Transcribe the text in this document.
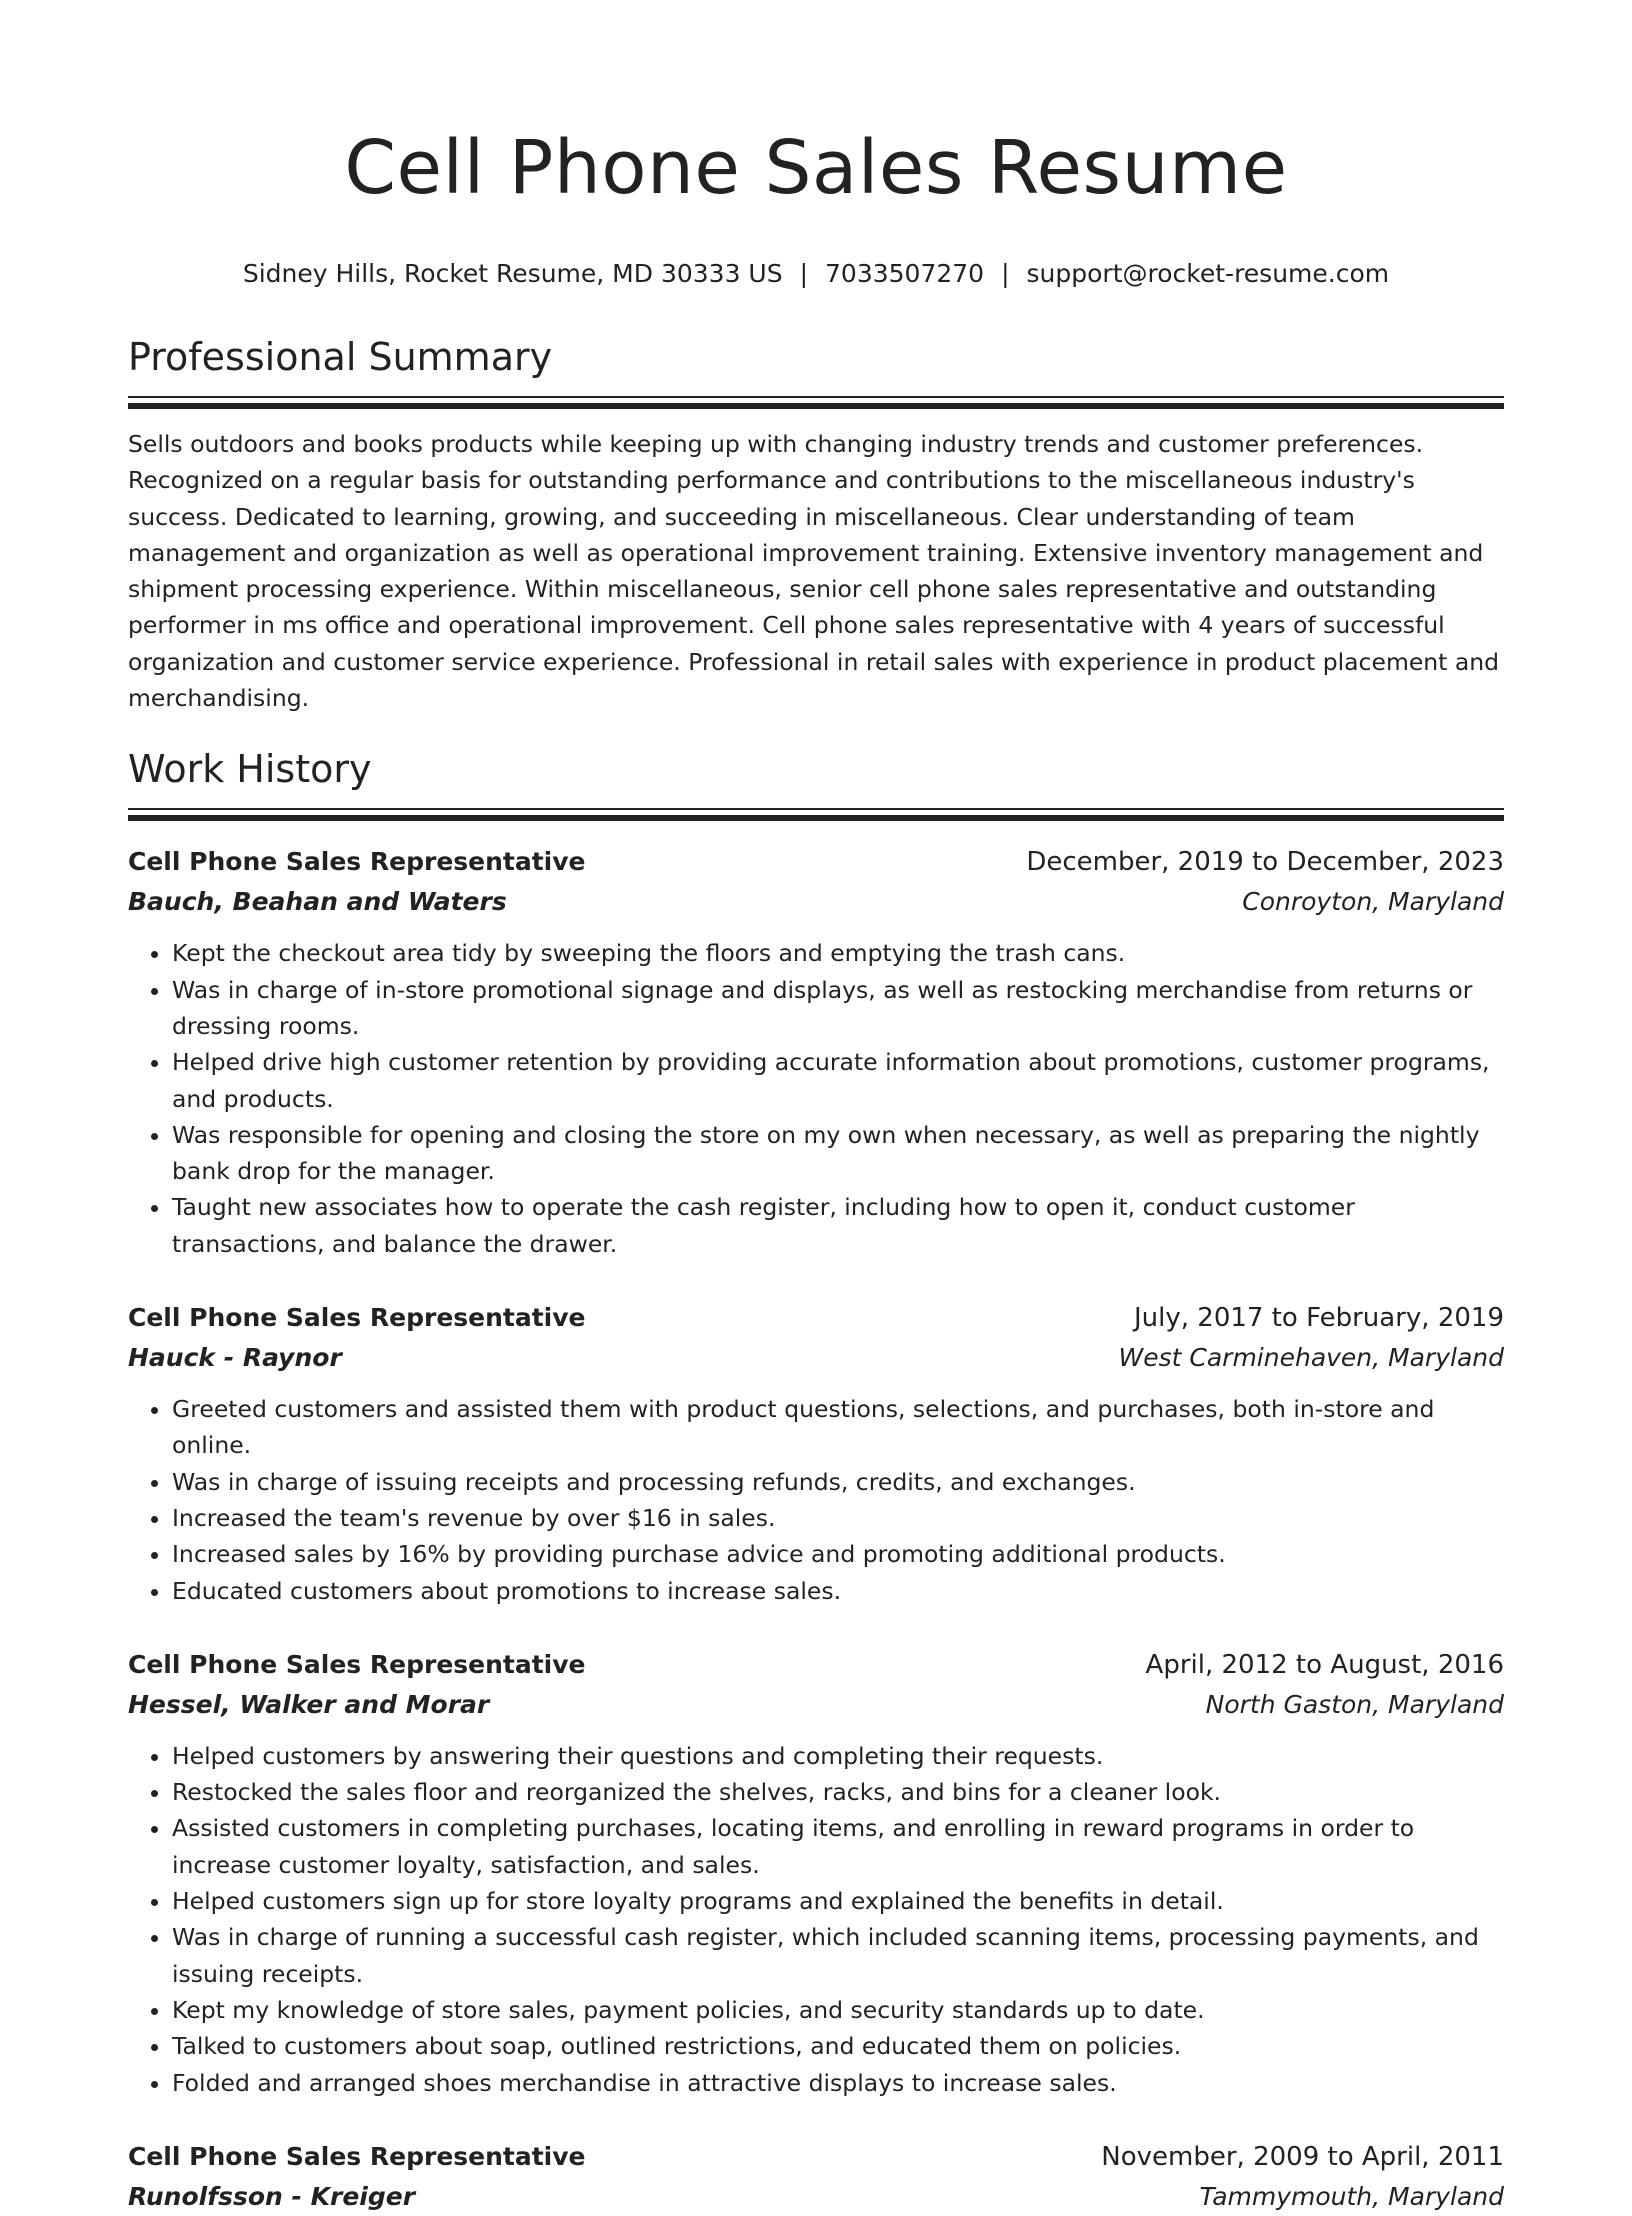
Cell Phone Sales Resume
Sidney Hills, Rocket Resume, MD 30333 US | 7033507270 | support@rocket-resume.com
Professional Summary
Sells outdoors and books products while keeping up with changing industry trends and customer preferences. Recognized on a regular basis for outstanding performance and contributions to the miscellaneous industry's success. Dedicated to learning, growing, and succeeding in miscellaneous. Clear understanding of team management and organization as well as operational improvement training. Extensive inventory management and shipment processing experience. Within miscellaneous, senior cell phone sales representative and outstanding performer in ms office and operational improvement. Cell phone sales representative with 4 years of successful organization and customer service experience. Professional in retail sales with experience in product placement and merchandising.
Work History
Cell Phone Sales Representative	December, 2019 to December, 2023
Bauch, Beahan and Waters	Conroyton, Maryland
• Kept the checkout area tidy by sweeping the floors and emptying the trash cans.
• Was in charge of in-store promotional signage and displays, as well as restocking merchandise from returns or dressing rooms.
• Helped drive high customer retention by providing accurate information about promotions, customer programs, and products.
• Was responsible for opening and closing the store on my own when necessary, as well as preparing the nightly bank drop for the manager.
• Taught new associates how to operate the cash register, including how to open it, conduct customer transactions, and balance the drawer.
Cell Phone Sales Representative	July, 2017 to February, 2019
Hauck - Raynor	West Carminehaven, Maryland
• Greeted customers and assisted them with product questions, selections, and purchases, both in-store and online.
• Was in charge of issuing receipts and processing refunds, credits, and exchanges.
• Increased the team's revenue by over $16 in sales.
• Increased sales by 16% by providing purchase advice and promoting additional products.
• Educated customers about promotions to increase sales.
Cell Phone Sales Representative	April, 2012 to August, 2016
Hessel, Walker and Morar	North Gaston, Maryland
• Helped customers by answering their questions and completing their requests.
• Restocked the sales floor and reorganized the shelves, racks, and bins for a cleaner look.
• Assisted customers in completing purchases, locating items, and enrolling in reward programs in order to increase customer loyalty, satisfaction, and sales.
• Helped customers sign up for store loyalty programs and explained the benefits in detail.
• Was in charge of running a successful cash register, which included scanning items, processing payments, and issuing receipts.
• Kept my knowledge of store sales, payment policies, and security standards up to date.
• Talked to customers about soap, outlined restrictions, and educated them on policies.
• Folded and arranged shoes merchandise in attractive displays to increase sales.
Cell Phone Sales Representative	November, 2009 to April, 2011
Runolfsson - Kreiger	Tammymouth, Maryland
